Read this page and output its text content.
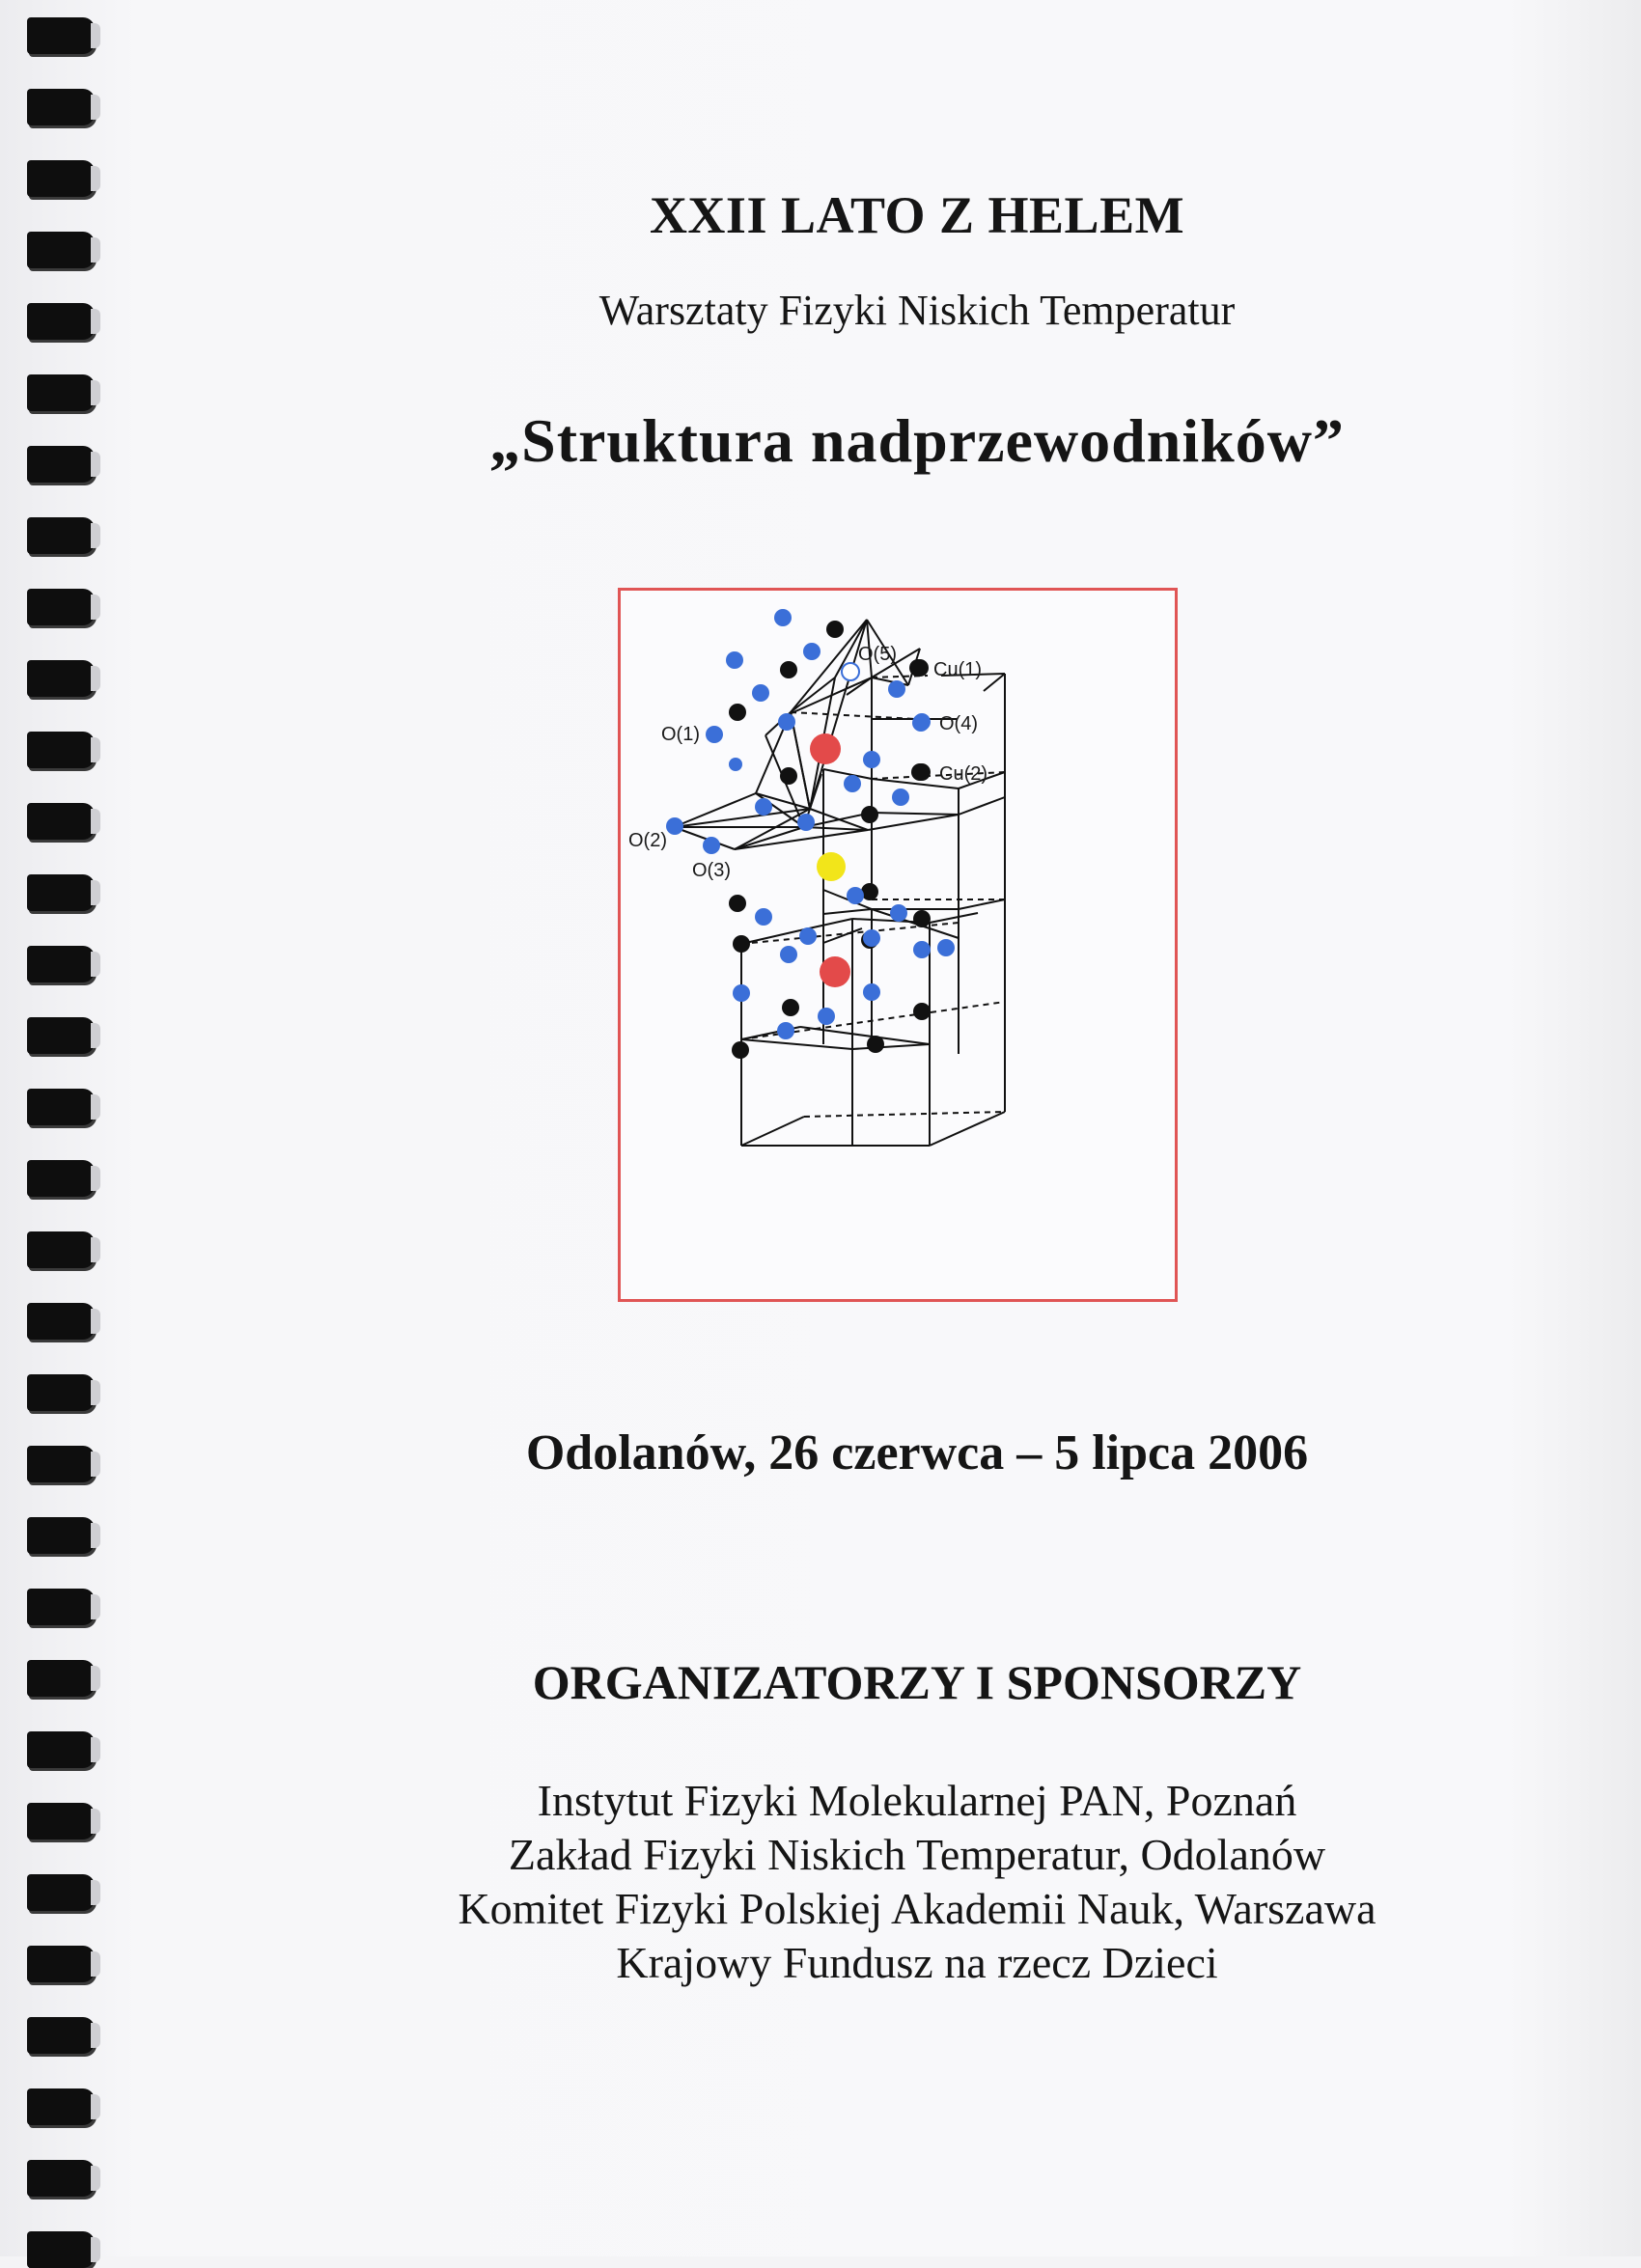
XXII LATO Z HELEM
Warsztaty Fizyki Niskich Temperatur
„Struktura nadprzewodników”
O(5)
Cu(1)
O(4)
O(1)
Cu(2)
O(2)
O(3)
Odolanów, 26 czerwca – 5 lipca 2006
ORGANIZATORZY I SPONSORZY
Instytut Fizyki Molekularnej PAN, Poznań
Zakład Fizyki Niskich Temperatur, Odolanów
Komitet Fizyki Polskiej Akademii Nauk, Warszawa
Krajowy Fundusz na rzecz Dzieci
